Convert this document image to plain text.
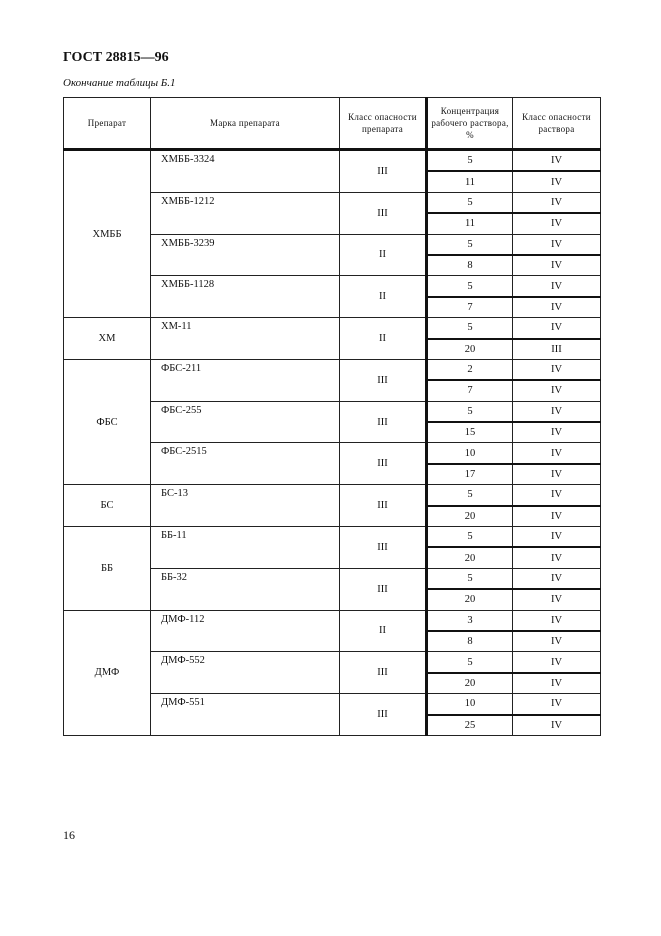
ГОСТ 28815—96
Окончание таблицы Б.1
Препарат	Марка препарата	Класс опасности препарата	Концентрация рабочего раствора, %	Класс опасности раствора
ХМББ	ХМББ-3324	III	5	IV
			11	IV
	ХМББ-1212	III	5	IV
			11	IV
	ХМББ-3239	II	5	IV
			8	IV
	ХМББ-1128	II	5	IV
			7	IV
ХМ	ХМ-11	II	5	IV
			20	III
ФБС	ФБС-211	III	2	IV
			7	IV
	ФБС-255	III	5	IV
			15	IV
	ФБС-2515	III	10	IV
			17	IV
БС	БС-13	III	5	IV
			20	IV
ББ	ББ-11	III	5	IV
			20	IV
	ББ-32	III	5	IV
			20	IV
ДМФ	ДМФ-112	II	3	IV
			8	IV
	ДМФ-552	III	5	IV
			20	IV
	ДМФ-551	III	10	IV
			25	IV
16
